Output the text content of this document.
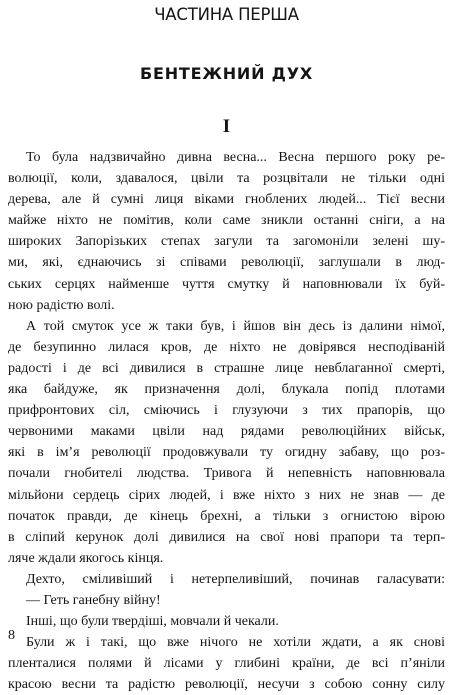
ЧАСТИНА ПЕРША
БЕНТЕЖНИЙ ДУХ
I
То була надзвичайно дивна весна... Весна першого року ре-
волюції, коли, здавалося, цвіли та розцвітали не тільки одні
дерева, але й сумні лиця віками гноблених людей... Тієї весни
майже ніхто не помітив, коли саме зникли останні сніги, а на
широких Запорізьких степах загули та загомоніли зелені шу-
ми, які, єднаючись зі співами революції, заглушали в люд-
ських серцях найменше чуття смутку й наповнювали їх буй-
ною радістю волі.
А той смуток усе ж таки був, і йшов він десь із далини німої,
де безупинно лилася кров, де ніхто не довірявся несподіваній
радості і де всі дивилися в страшне лице невблаганної смерті,
яка байдуже, як призначення долі, блукала попід плотами
прифронтових сіл, сміючись і глузуючи з тих прапорів, що
червоними маками цвіли над рядами революційних військ,
які в ім’я революції продовжували ту огидну забаву, що роз-
почали гнобителі людства. Тривога й непевність наповнювала
мільйони сердець сірих людей, і вже ніхто з них не знав — де
початок правди, де кінець брехні, а тільки з огнистою вірою
в сліпий керунок долі дивилися на свої нові прапори та терп-
ляче ждали якогось кінця.
Дехто, сміливіший і нетерпеливіший, починав галасувати:
— Геть ганебну війну!
Інші, що були твердіші, мовчали й чекали.
Були ж і такі, що вже нічого не хотіли ждати, а як снові
пленталися полями й лісами у глибині країни, де всі п’яніли
красою весни та радістю революції, несучи з собою сонну силу
8
